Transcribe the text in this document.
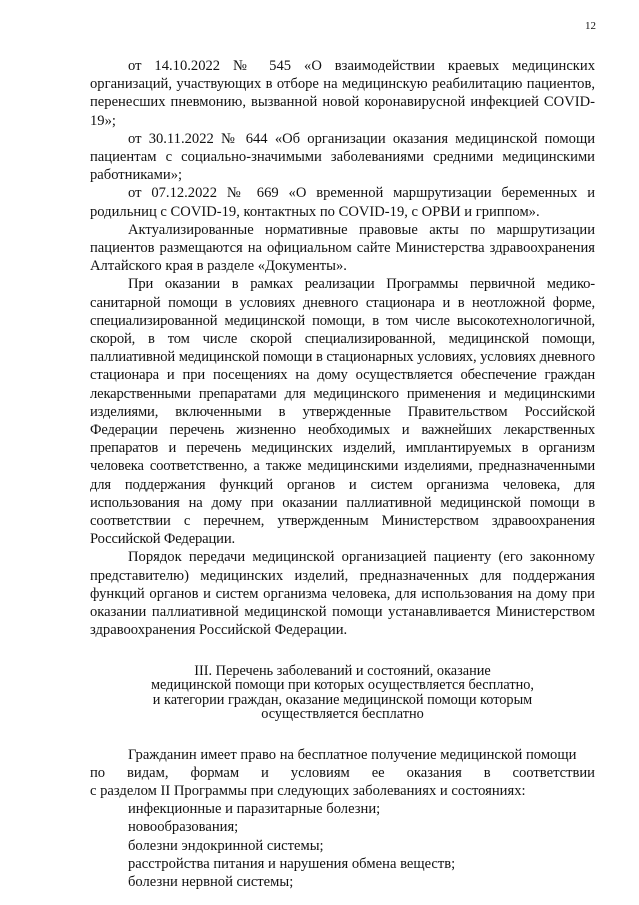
12

от 14.10.2022 № 545 «О взаимодействии краевых медицинских организаций, участвующих в отборе на медицинскую реабилитацию пациентов, перенесших пневмонию, вызванной новой коронавирусной инфекцией COVID-19»;

от 30.11.2022 № 644 «Об организации оказания медицинской помощи пациентам с социально-значимыми заболеваниями средними медицинскими работниками»;

от 07.12.2022 № 669 «О временной маршрутизации беременных и родильниц с COVID-19, контактных по COVID-19, с ОРВИ и гриппом».

Актуализированные нормативные правовые акты по маршрутизации пациентов размещаются на официальном сайте Министерства здравоохранения Алтайского края в разделе «Документы».

При оказании в рамках реализации Программы первичной медико-санитарной помощи в условиях дневного стационара и в неотложной форме, специализированной медицинской помощи, в том числе высокотехнологичной, скорой, в том числе скорой специализированной, медицинской помощи, паллиативной медицинской помощи в стационарных условиях, условиях дневного стационара и при посещениях на дому осуществляется обеспечение граждан лекарственными препаратами для медицинского применения и медицинскими изделиями, включенными в утвержденные Правительством Российской Федерации перечень жизненно необходимых и важнейших лекарственных препаратов и перечень медицинских изделий, имплантируемых в организм человека соответственно, а также медицинскими изделиями, предназначенными для поддержания функций органов и систем организма человека, для использования на дому при оказании паллиативной медицинской помощи в соответствии с перечнем, утвержденным Министерством здравоохранения Российской Федерации.

Порядок передачи медицинской организацией пациенту (его законному представителю) медицинских изделий, предназначенных для поддержания функций органов и систем организма человека, для использования на дому при оказании паллиативной медицинской помощи устанавливается Министерством здравоохранения Российской Федерации.

III. Перечень заболеваний и состояний, оказание
медицинской помощи при которых осуществляется бесплатно,
и категории граждан, оказание медицинской помощи которым
осуществляется бесплатно

Гражданин имеет право на бесплатное получение медицинской помощи

по видам, формам и условиям ее оказания в соответствии

с разделом II Программы при следующих заболеваниях и состояниях:

инфекционные и паразитарные болезни;

новообразования;

болезни эндокринной системы;

расстройства питания и нарушения обмена веществ;

болезни нервной системы;
